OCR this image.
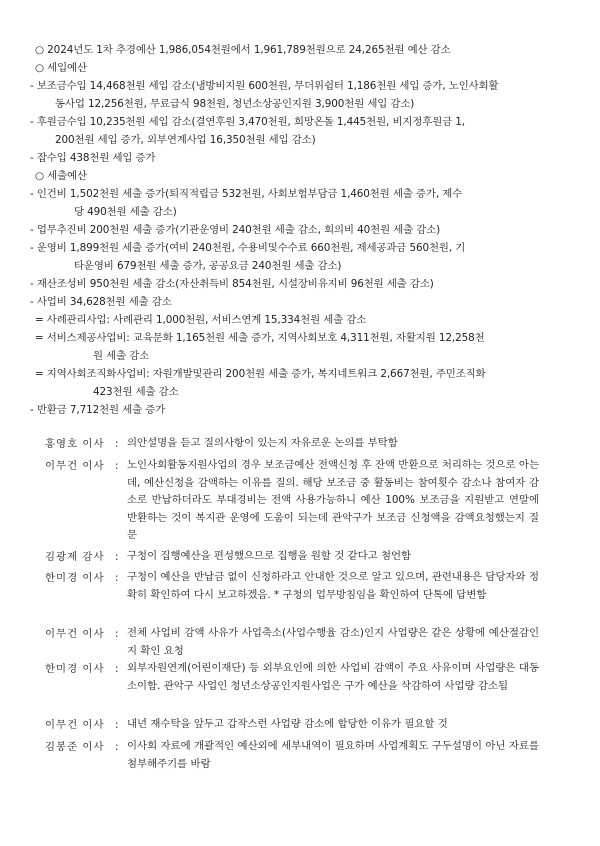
○ 2024년도 1차 추경예산 1,986,054천원에서 1,961,789천원으로 24,265천원 예산 감소
○ 세입예산
- 보조금수입 14,468천원 세입 감소(냉방비지원 600천원, 무더위쉼터 1,186천원 세입 증가, 노인사회활
동사업 12,256천원, 무료급식 98천원, 청년소상공인지원 3,900천원 세입 감소)
- 후원금수입 10,235천원 세입 감소(결연후원 3,470천원, 희망온돌 1,445천원, 비지정후원금 1,
200천원 세입 증가, 외부연계사업 16,350천원 세입 감소)
- 잡수입 438천원 세입 증가
○ 세출예산
- 인건비 1,502천원 세출 증가(퇴직적립금 532천원, 사회보험부담금 1,460천원 세출 증가, 제수
당 490천원 세출 감소)
- 업무추진비 200천원 세출 증가(기관운영비 240천원 세출 감소, 회의비 40천원 세출 감소)
- 운영비 1,899천원 세출 증가(여비 240천원, 수용비및수수료 660천원, 제세공과금 560천원, 기
타운영비 679천원 세출 증가, 공공요금 240천원 세출 감소)
- 재산조성비 950천원 세출 감소(자산취득비 854천원, 시설장비유지비 96천원 세출 감소)
- 사업비 34,628천원 세출 감소
= 사례관리사업: 사례관리 1,000천원, 서비스연계 15,334천원 세출 감소
= 서비스제공사업비: 교육문화 1,165천원 세출 증가, 지역사회보호 4,311천원, 자활지원 12,258천
원 세출 감소
= 지역사회조직화사업비: 자원개발및관리 200천원 세출 증가, 복지네트워크 2,667천원, 주민조직화
423천원 세출 감소
- 반환금 7,712천원 세출 증가
홍영호 이사	: 의안설명을 듣고 질의사항이 있는지 자유로운 논의를 부탁함
이무건 이사	: 노인사회활동지원사업의 경우 보조금예산 전액신청 후 잔액 반환으로 처리하는 것으로 아는데, 예산신청을 감액하는 이유를 질의. 해당 보조금 중 활동비는 참여횟수 감소나 참여자 감소로 반납하더라도 부대경비는 전액 사용가능하니 예산 100% 보조금을 지원받고 연말에 반환하는 것이 복지관 운영에 도움이 되는데 관악구가 보조금 신청액을 감액요청했는지 질문
김광제 감사	: 구청이 집행예산을 편성했으므로 집행을 원할 것 같다고 첨언함
한미경 이사	: 구청이 예산을 반납금 없이 신청하라고 안내한 것으로 알고 있으며, 관련내용은 담당자와 정확히 확인하여 다시 보고하겠음. * 구청의 업무방침임을 확인하여 단톡에 답변함
이무건 이사	: 전체 사업비 감액 사유가 사업축소(사업수행율 감소)인지 사업량은 같은 상황에 예산절감인지 확인 요청
한미경 이사	: 외부자원연계(어린이재단) 등 외부요인에 의한 사업비 감액이 주요 사유이며 사업량은 대동소이함. 관악구 사업인 청년소상공인지원사업은 구가 예산을 삭감하여 사업량 감소됨
이무건 이사	: 내년 재수탁을 앞두고 갑작스런 사업량 감소에 합당한 이유가 필요할 것
김봉준 이사	: 이사회 자료에 개괄적인 예산외에 세부내역이 필요하며 사업계획도 구두설명이 아닌 자료를 첨부해주기를 바람
